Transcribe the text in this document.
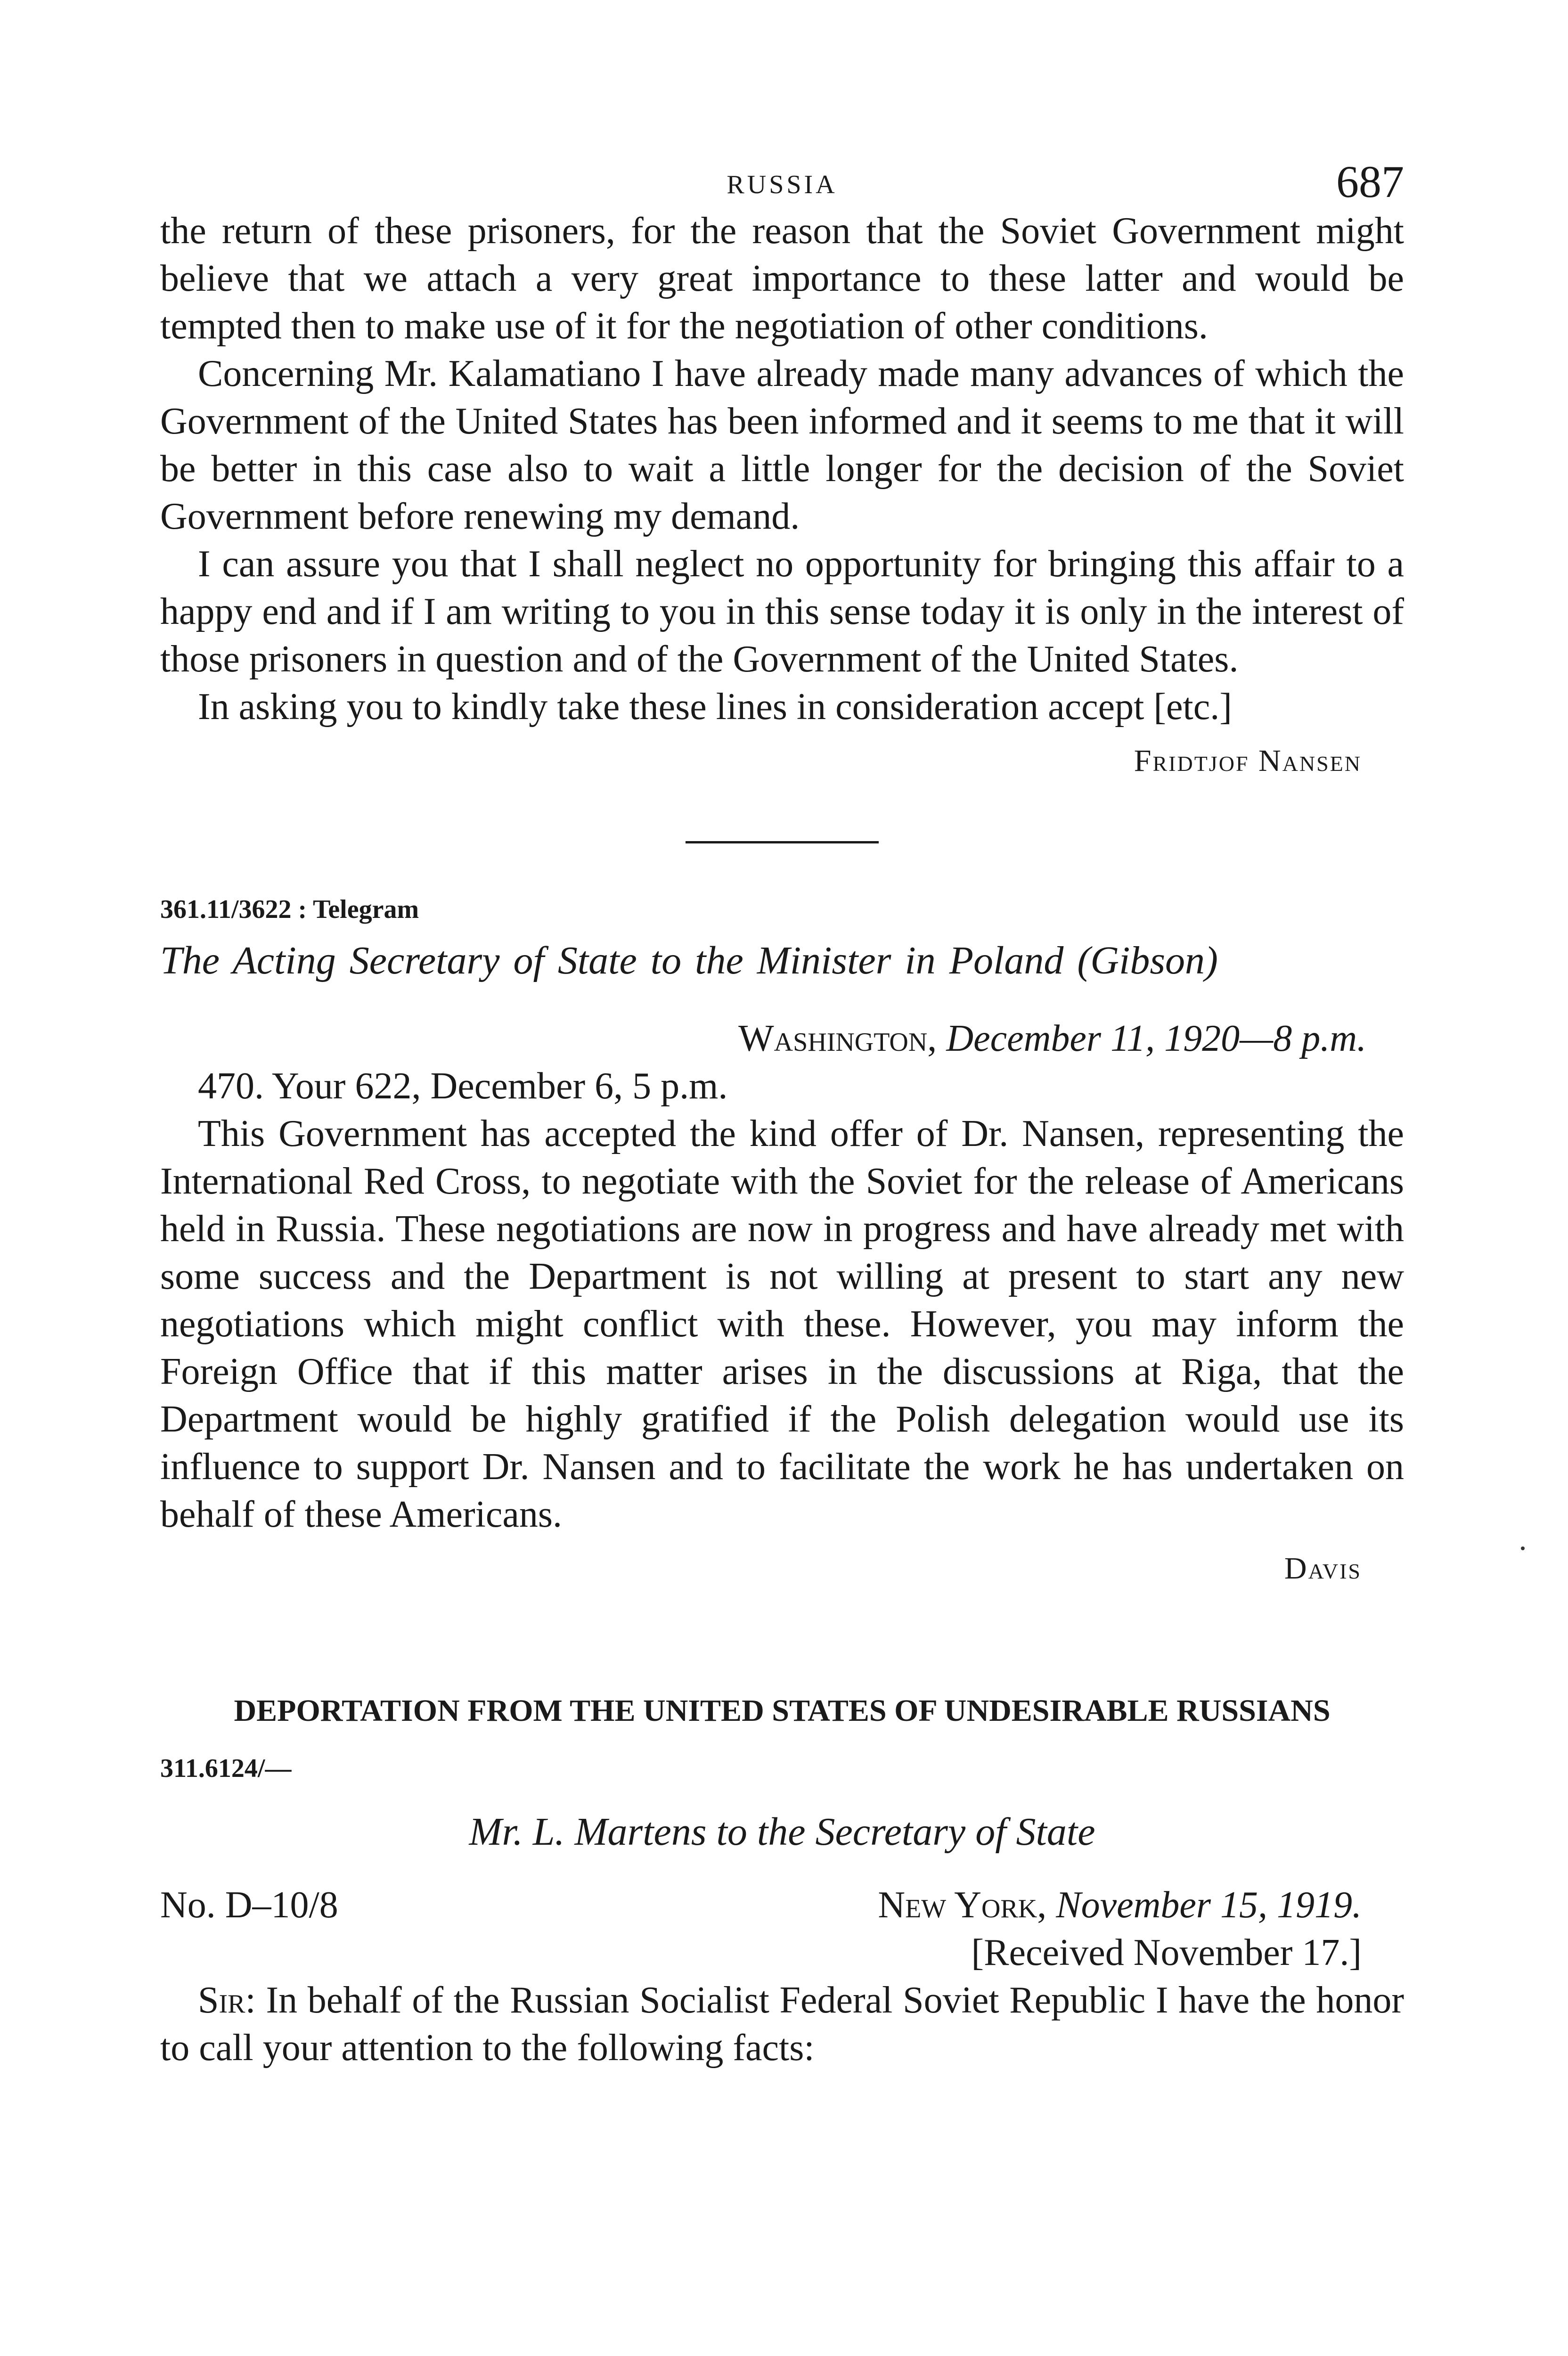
RUSSIA	687

the return of these prisoners, for the reason that the Soviet Government might believe that we attach a very great importance to these latter and would be tempted then to make use of it for the negotiation of other conditions.

Concerning Mr. Kalamatiano I have already made many advances of which the Government of the United States has been informed and it seems to me that it will be better in this case also to wait a little longer for the decision of the Soviet Government before renewing my demand.

I can assure you that I shall neglect no opportunity for bringing this affair to a happy end and if I am writing to you in this sense today it is only in the interest of those prisoners in question and of the Government of the United States.

In asking you to kindly take these lines in consideration accept [etc.]

Fridtjof Nansen
361.11/3622 : Telegram
The Acting Secretary of State to the Minister in Poland (Gibson)
Washington, December 11, 1920—8 p.m.

470. Your 622, December 6, 5 p.m.

This Government has accepted the kind offer of Dr. Nansen, representing the International Red Cross, to negotiate with the Soviet for the release of Americans held in Russia. These negotiations are now in progress and have already met with some success and the Department is not willing at present to start any new negotiations which might conflict with these. However, you may inform the Foreign Office that if this matter arises in the discussions at Riga, that the Department would be highly gratified if the Polish delegation would use its influence to support Dr. Nansen and to facilitate the work he has undertaken on behalf of these Americans.

Davis
DEPORTATION FROM THE UNITED STATES OF UNDESIRABLE RUSSIANS
311.6124/—
Mr. L. Martens to the Secretary of State
No. D–10/8	New York, November 15, 1919.
[Received November 17.]

Sir: In behalf of the Russian Socialist Federal Soviet Republic I have the honor to call your attention to the following facts:
